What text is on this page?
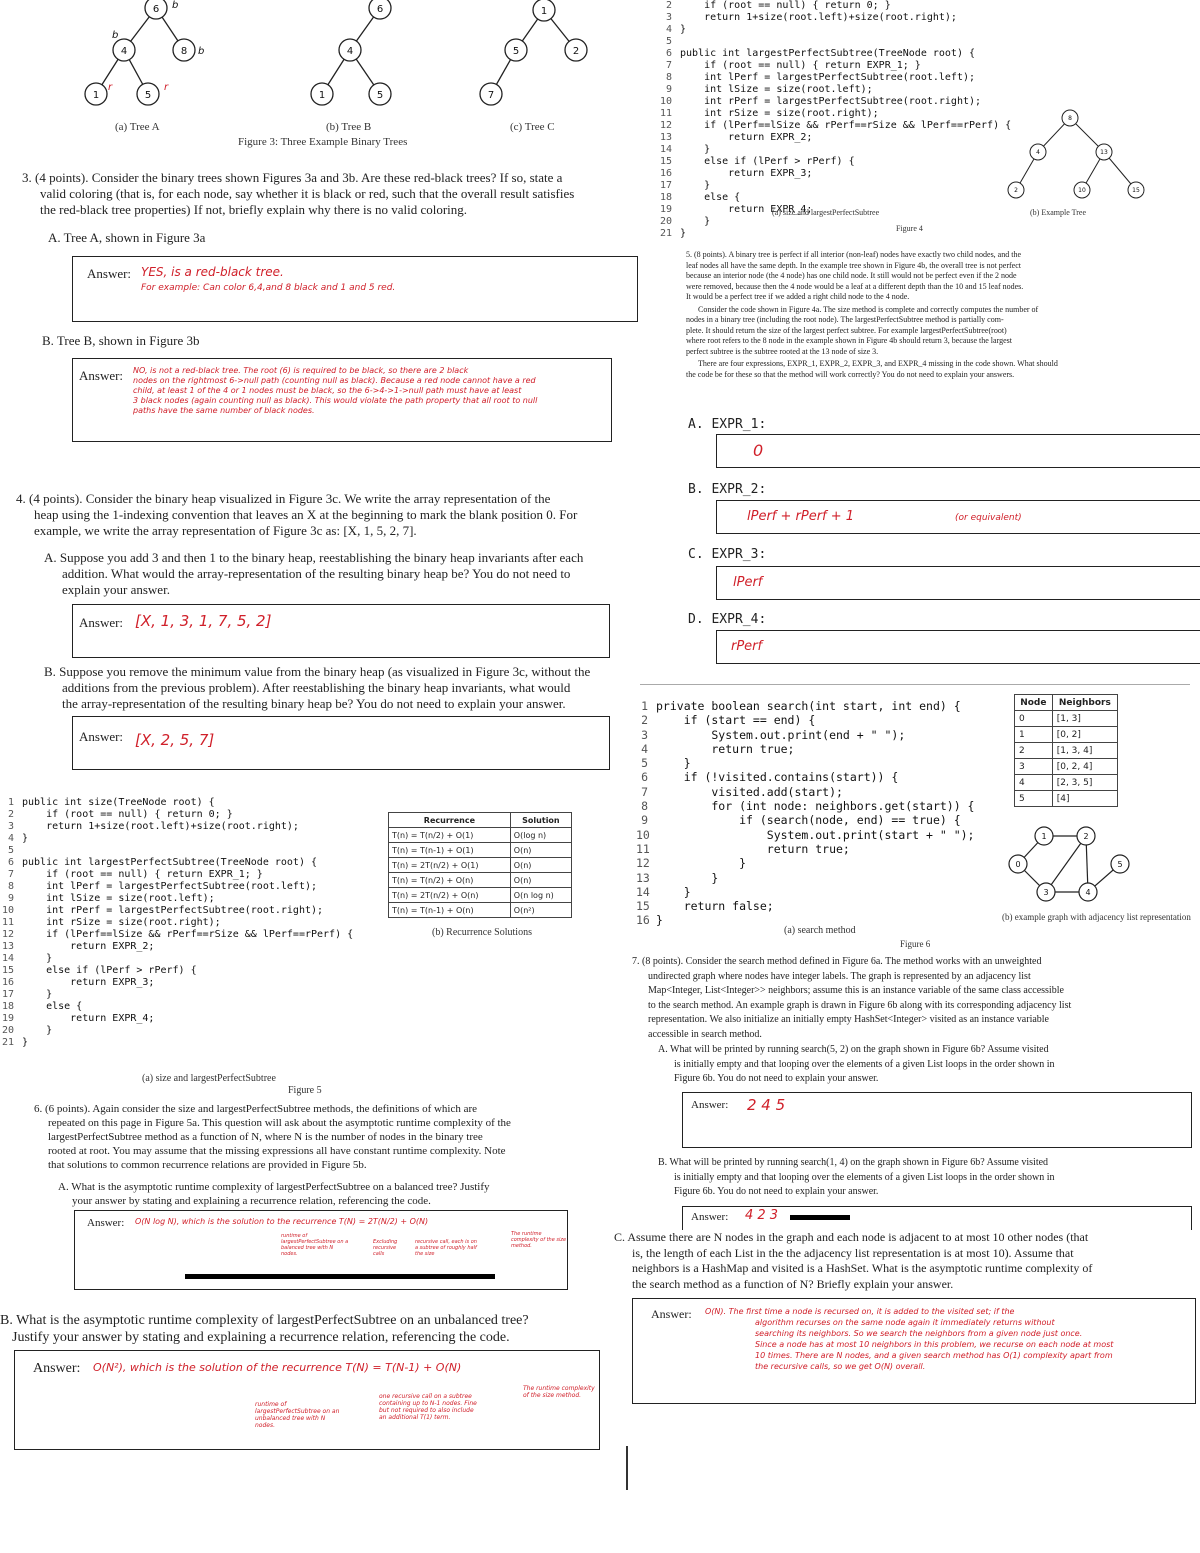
6
4	8
1	5
6
4
1	5
1
5	2
7
b
b
b
r	r
(a) Tree A	(b) Tree B	(c) Tree C
Figure 3: Three Example Binary Trees
3. (4 points). Consider the binary trees shown Figures 3a and 3b. Are these red-black trees? If so, state a
valid coloring (that is, for each node, say whether it is black or red, such that the overall result satisfies
the red-black tree properties) If not, briefly explain why there is no valid coloring.
A. Tree A, shown in Figure 3a
Answer: YES, is a red-black tree.
For example: Can color 6,4,and 8 black and 1 and 5 red.
B. Tree B, shown in Figure 3b
Answer: NO, is not a red-black tree. The root (6) is required to be black, so there are 2 black
nodes on the rightmost 6->null path (counting null as black). Because a red node cannot have a red
child, at least 1 of the 4 or 1 nodes must be black, so the 6->4->1->null path must have at least
3 black nodes (again counting null as black). This would violate the path property that all root to null
paths have the same number of black nodes.
4. (4 points). Consider the binary heap visualized in Figure 3c. We write the array representation of the
heap using the 1-indexing convention that leaves an X at the beginning to mark the blank position 0. For
example, we write the array representation of Figure 3c as: [X, 1, 5, 2, 7].
A. Suppose you add 3 and then 1 to the binary heap, reestablishing the binary heap invariants after each
addition. What would the array-representation of the resulting binary heap be? You do not need to
explain your answer.
Answer: [X, 1, 3, 1, 7, 5, 2]
B. Suppose you remove the minimum value from the binary heap (as visualized in Figure 3c, without the
additions from the previous problem). After reestablishing the binary heap invariants, what would
the array-representation of the resulting binary heap be? You do not need to explain your answer.
Answer: [X, 2, 5, 7]
1 public int size(TreeNode root) {
2    if (root == null) { return 0; }
3    return 1+size(root.left)+size(root.right);
4 }
5
6 public int largestPerfectSubtree(TreeNode root) {
7    if (root == null) { return EXPR_1; }
8    int lPerf = largestPerfectSubtree(root.left);
9    int lSize = size(root.left);
10    int rPerf = largestPerfectSubtree(root.right);
11    int rSize = size(root.right);
12    if (lPerf==lSize && rPerf==rSize && lPerf==rPerf) {
13        return EXPR_2;
14    }
15    else if (lPerf > rPerf) {
16        return EXPR_3;
17    }
18    else {
19        return EXPR_4;
20    }
21 }
Recurrence	Solution
T(n) = T(n/2) + O(1)	O(log n)
T(n) = T(n-1) + O(1)	O(n)
T(n) = 2T(n/2) + O(1)	O(n)
T(n) = T(n/2) + O(n)	O(n)
T(n) = 2T(n/2) + O(n)	O(n log n)
T(n) = T(n-1) + O(n)	O(n²)
(b) Recurrence Solutions
(a) size and largestPerfectSubtree
Figure 5
6. (6 points). Again consider the size and largestPerfectSubtree methods, the definitions of which are
repeated on this page in Figure 5a. This question will ask about the asymptotic runtime complexity of the
largestPerfectSubtree method as a function of N, where N is the number of nodes in the binary tree
rooted at root. You may assume that the missing expressions all have constant runtime complexity. Note
that solutions to common recurrence relations are provided in Figure 5b.
A. What is the asymptotic runtime complexity of largestPerfectSubtree on a balanced tree? Justify
your answer by stating and explaining a recurrence relation, referencing the code.
Answer: O(N log N), which is the solution to the recurrence T(N) = 2T(N/2) + O(N)
runtime of largestPerfectSubtree on a balanced tree with N nodes.
Excluding recursive calls
recursive call, each is on a subtree of roughly half the size
The runtime complexity of the size method.
B. What is the asymptotic runtime complexity of largestPerfectSubtree on an unbalanced tree?
Justify your answer by stating and explaining a recurrence relation, referencing the code.
Answer: O(N²), which is the solution of the recurrence T(N) = T(N-1) + O(N)
runtime of largestPerfectSubtree on an unbalanced tree with N nodes.
one recursive call on a subtree containing up to N-1 nodes. Fine but not required to also include an additional T(1) term.
The runtime complexity of the size method.
2    if (root == null) { return 0; }
3    return 1+size(root.left)+size(root.right);
4 }
5
6 public int largestPerfectSubtree(TreeNode root) {
7    if (root == null) { return EXPR_1; }
8    int lPerf = largestPerfectSubtree(root.left);
9    int lSize = size(root.left);
10    int rPerf = largestPerfectSubtree(root.right);
11    int rSize = size(root.right);
12    if (lPerf==lSize && rPerf==rSize && lPerf==rPerf) {
13        return EXPR_2;
14    }
15    else if (lPerf > rPerf) {
16        return EXPR_3;
17    }
18    else {
19        return EXPR_4;
20    }
21 }
(a) size and largestPerfectSubtree	(b) Example Tree
Figure 4
8
4	13
2	10	15
5. (8 points). A binary tree is perfect if all interior (non-leaf) nodes have exactly two child nodes, and the
leaf nodes all have the same depth. In the example tree shown in Figure 4b, the overall tree is not perfect
because an interior node (the 4 node) has one child node. It still would not be perfect even if the 2 node
were removed, because then the 4 node would be a leaf at a different depth than the 10 and 15 leaf nodes.
It would be a perfect tree if we added a right child node to the 4 node.
Consider the code shown in Figure 4a. The size method is complete and correctly computes the number of
nodes in a binary tree (including the root node). The largestPerfectSubtree method is partially com-
plete. It should return the size of the largest perfect subtree. For example largestPerfectSubtree(root)
where root refers to the 8 node in the example shown in Figure 4b should return 3, because the largest
perfect subtree is the subtree rooted at the 13 node of size 3.
There are four expressions, EXPR_1, EXPR_2, EXPR_3, and EXPR_4 missing in the code shown. What should
the code be for these so that the method will work correctly? You do not need to explain your answers.
A. EXPR_1:
0
B. EXPR_2:
lPerf + rPerf + 1	(or equivalent)
C. EXPR_3:
lPerf
D. EXPR_4:
rPerf
1 private boolean search(int start, int end) {
2    if (start == end) {
3        System.out.print(end + " ");
4        return true;
5    }
6    if (!visited.contains(start)) {
7        visited.add(start);
8        for (int node: neighbors.get(start)) {
9            if (search(node, end) == true) {
10                System.out.print(start + " ");
11                return true;
12            }
13        }
14    }
15    return false;
16 }
(a) search method
(b) example graph with adjacency list representation
Figure 6
Node	Neighbors
0	[1, 3]
1	[0, 2]
2	[1, 3, 4]
3	[0, 2, 4]
4	[2, 3, 5]
5	[4]
0
1	2
3	4
5
7. (8 points). Consider the search method defined in Figure 6a. The method works with an unweighted
undirected graph where nodes have integer labels. The graph is represented by an adjacency list
Map<Integer, List<Integer>> neighbors; assume this is an instance variable of the same class accessible
to the search method. An example graph is drawn in Figure 6b along with its corresponding adjacency list
representation. We also initialize an initially empty HashSet<Integer> visited as an instance variable
accessible in search method.
A. What will be printed by running search(5, 2) on the graph shown in Figure 6b? Assume visited
is initially empty and that looping over the elements of a given List loops in the order shown in
Figure 6b. You do not need to explain your answer.
Answer: 2 4 5
B. What will be printed by running search(1, 4) on the graph shown in Figure 6b? Assume visited
is initially empty and that looping over the elements of a given List loops in the order shown in
Figure 6b. You do not need to explain your answer.
Answer: 4 2 3
C. Assume there are N nodes in the graph and each node is adjacent to at most 10 other nodes (that
is, the length of each List in the the adjacency list representation is at most 10). Assume that
neighbors is a HashMap and visited is a HashSet. What is the asymptotic runtime complexity of
the search method as a function of N? Briefly explain your answer.
Answer: O(N). The first time a node is recursed on, it is added to the visited set; if the
algorithm recurses on the same node again it immediately returns without
searching its neighbors. So we search the neighbors from a given node just once.
Since a node has at most 10 neighbors in this problem, we recurse on each node at most
10 times. There are N nodes, and a given search method has O(1) complexity apart from
the recursive calls, so we get O(N) overall.
